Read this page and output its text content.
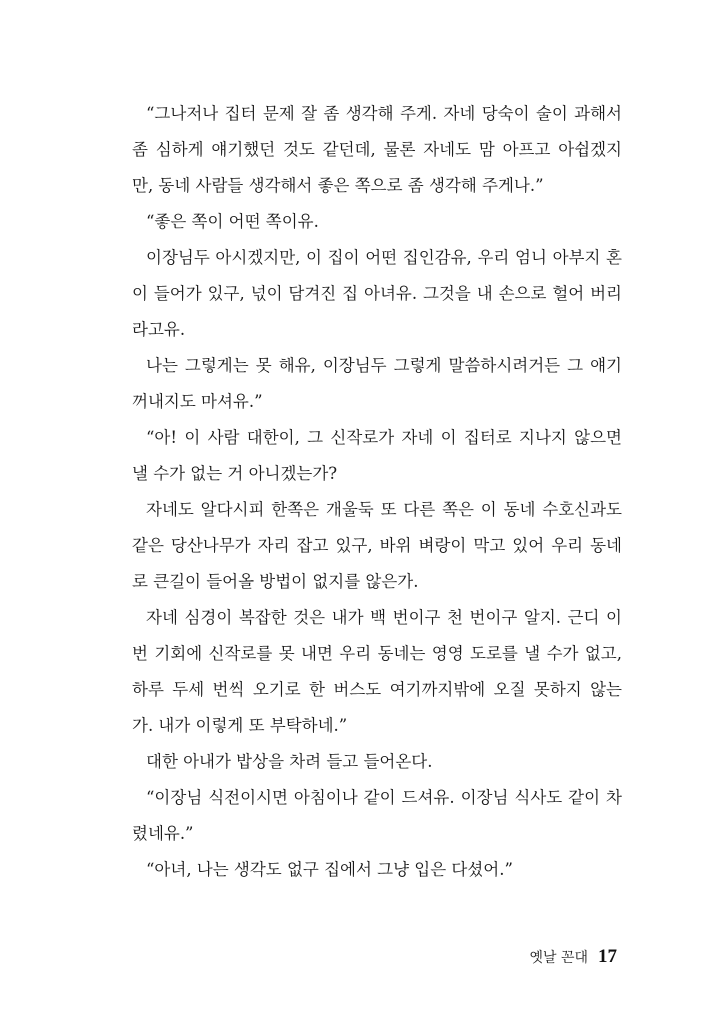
“그나저나 집터 문제 잘 좀 생각해 주게. 자네 당숙이 술이 과해서
좀 심하게 얘기했던 것도 같던데, 물론 자네도 맘 아프고 아쉽겠지
만, 동네 사람들 생각해서 좋은 쪽으로 좀 생각해 주게나.”
“좋은 쪽이 어떤 쪽이유.
이장님두 아시겠지만, 이 집이 어떤 집인감유, 우리 엄니 아부지 혼
이 들어가 있구, 넋이 담겨진 집 아녀유. 그것을 내 손으로 헐어 버리
라고유.
나는 그렇게는 못 해유, 이장님두 그렇게 말씀하시려거든 그 얘기
꺼내지도 마셔유.”
“아! 이 사람 대한이, 그 신작로가 자네 이 집터로 지나지 않으면
낼 수가 없는 거 아니겠는가?
자네도 알다시피 한쪽은 개울둑 또 다른 쪽은 이 동네 수호신과도
같은 당산나무가 자리 잡고 있구, 바위 벼랑이 막고 있어 우리 동네
로 큰길이 들어올 방법이 없지를 않은가.
자네 심경이 복잡한 것은 내가 백 번이구 천 번이구 알지. 근디 이
번 기회에 신작로를 못 내면 우리 동네는 영영 도로를 낼 수가 없고,
하루 두세 번씩 오기로 한 버스도 여기까지밖에 오질 못하지 않는
가. 내가 이렇게 또 부탁하네.”
대한 아내가 밥상을 차려 들고 들어온다.
“이장님 식전이시면 아침이나 같이 드셔유. 이장님 식사도 같이 차
렸네유.”
“아녀, 나는 생각도 없구 집에서 그냥 입은 다셨어.”
옛날 꼰대 17
